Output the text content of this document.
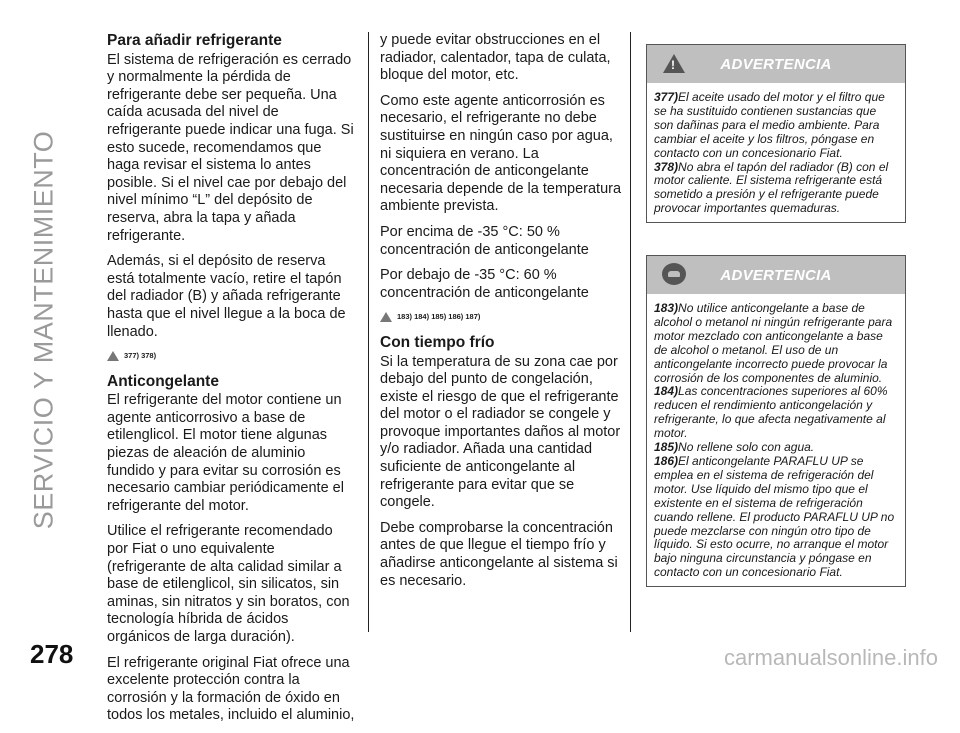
SERVICIO Y MANTENIMIENTO
Para añadir refrigerante

El sistema de refrigeración es cerrado y normalmente la pérdida de refrigerante debe ser pequeña. Una caída acusada del nivel de refrigerante puede indicar una fuga. Si esto sucede, recomendamos que haga revisar el sistema lo antes posible. Si el nivel cae por debajo del nivel mínimo “L” del depósito de reserva, abra la tapa y añada refrigerante.

Además, si el depósito de reserva está totalmente vacío, retire el tapón del radiador (B) y añada refrigerante hasta que el nivel llegue a la boca de llenado.

377) 378)
Anticongelante

El refrigerante del motor contiene un agente anticorrosivo a base de etilenglicol. El motor tiene algunas piezas de aleación de aluminio fundido y para evitar su corrosión es necesario cambiar periódicamente el refrigerante del motor.

Utilice el refrigerante recomendado por Fiat o uno equivalente (refrigerante de alta calidad similar a base de etilenglicol, sin silicatos, sin aminas, sin nitratos y sin boratos, con tecnología híbrida de ácidos orgánicos de larga duración).

El refrigerante original Fiat ofrece una excelente protección contra la corrosión y la formación de óxido en todos los metales, incluido el aluminio,

y puede evitar obstrucciones en el radiador, calentador, tapa de culata, bloque del motor, etc.

Como este agente anticorrosión es necesario, el refrigerante no debe sustituirse en ningún caso por agua, ni siquiera en verano. La concentración de anticongelante necesaria depende de la temperatura ambiente prevista.

Por encima de -35 °C: 50 % concentración de anticongelante

Por debajo de -35 °C: 60 % concentración de anticongelante

183) 184) 185) 186) 187)
Con tiempo frío

Si la temperatura de su zona cae por debajo del punto de congelación, existe el riesgo de que el refrigerante del motor o el radiador se congele y provoque importantes daños al motor y/o radiador. Añada una cantidad suficiente de anticongelante al refrigerante para evitar que se congele.

Debe comprobarse la concentración antes de que llegue el tiempo frío y añadirse anticongelante al sistema si es necesario.

!
ADVERTENCIA

377)El aceite usado del motor y el filtro que se ha sustituido contienen sustancias que son dañinas para el medio ambiente. Para cambiar el aceite y los filtros, póngase en contacto con un concesionario Fiat.

378)No abra el tapón del radiador (B) con el motor caliente. El sistema refrigerante está sometido a presión y el refrigerante puede provocar importantes quemaduras.

ADVERTENCIA

183)No utilice anticongelante a base de alcohol o metanol ni ningún refrigerante para motor mezclado con anticongelante a base de alcohol o metanol. El uso de un anticongelante incorrecto puede provocar la corrosión de los componentes de aluminio.

184)Las concentraciones superiores al 60% reducen el rendimiento anticongelación y refrigerante, lo que afecta negativamente al motor.

185)No rellene solo con agua.

186)El anticongelante PARAFLU UP se emplea en el sistema de refrigeración del motor. Use líquido del mismo tipo que el existente en el sistema de refrigeración cuando rellene. El producto PARAFLU UP no puede mezclarse con ningún otro tipo de líquido. Si esto ocurre, no arranque el motor bajo ninguna circunstancia y póngase en contacto con un concesionario Fiat.

278	carmanualsonline.info
